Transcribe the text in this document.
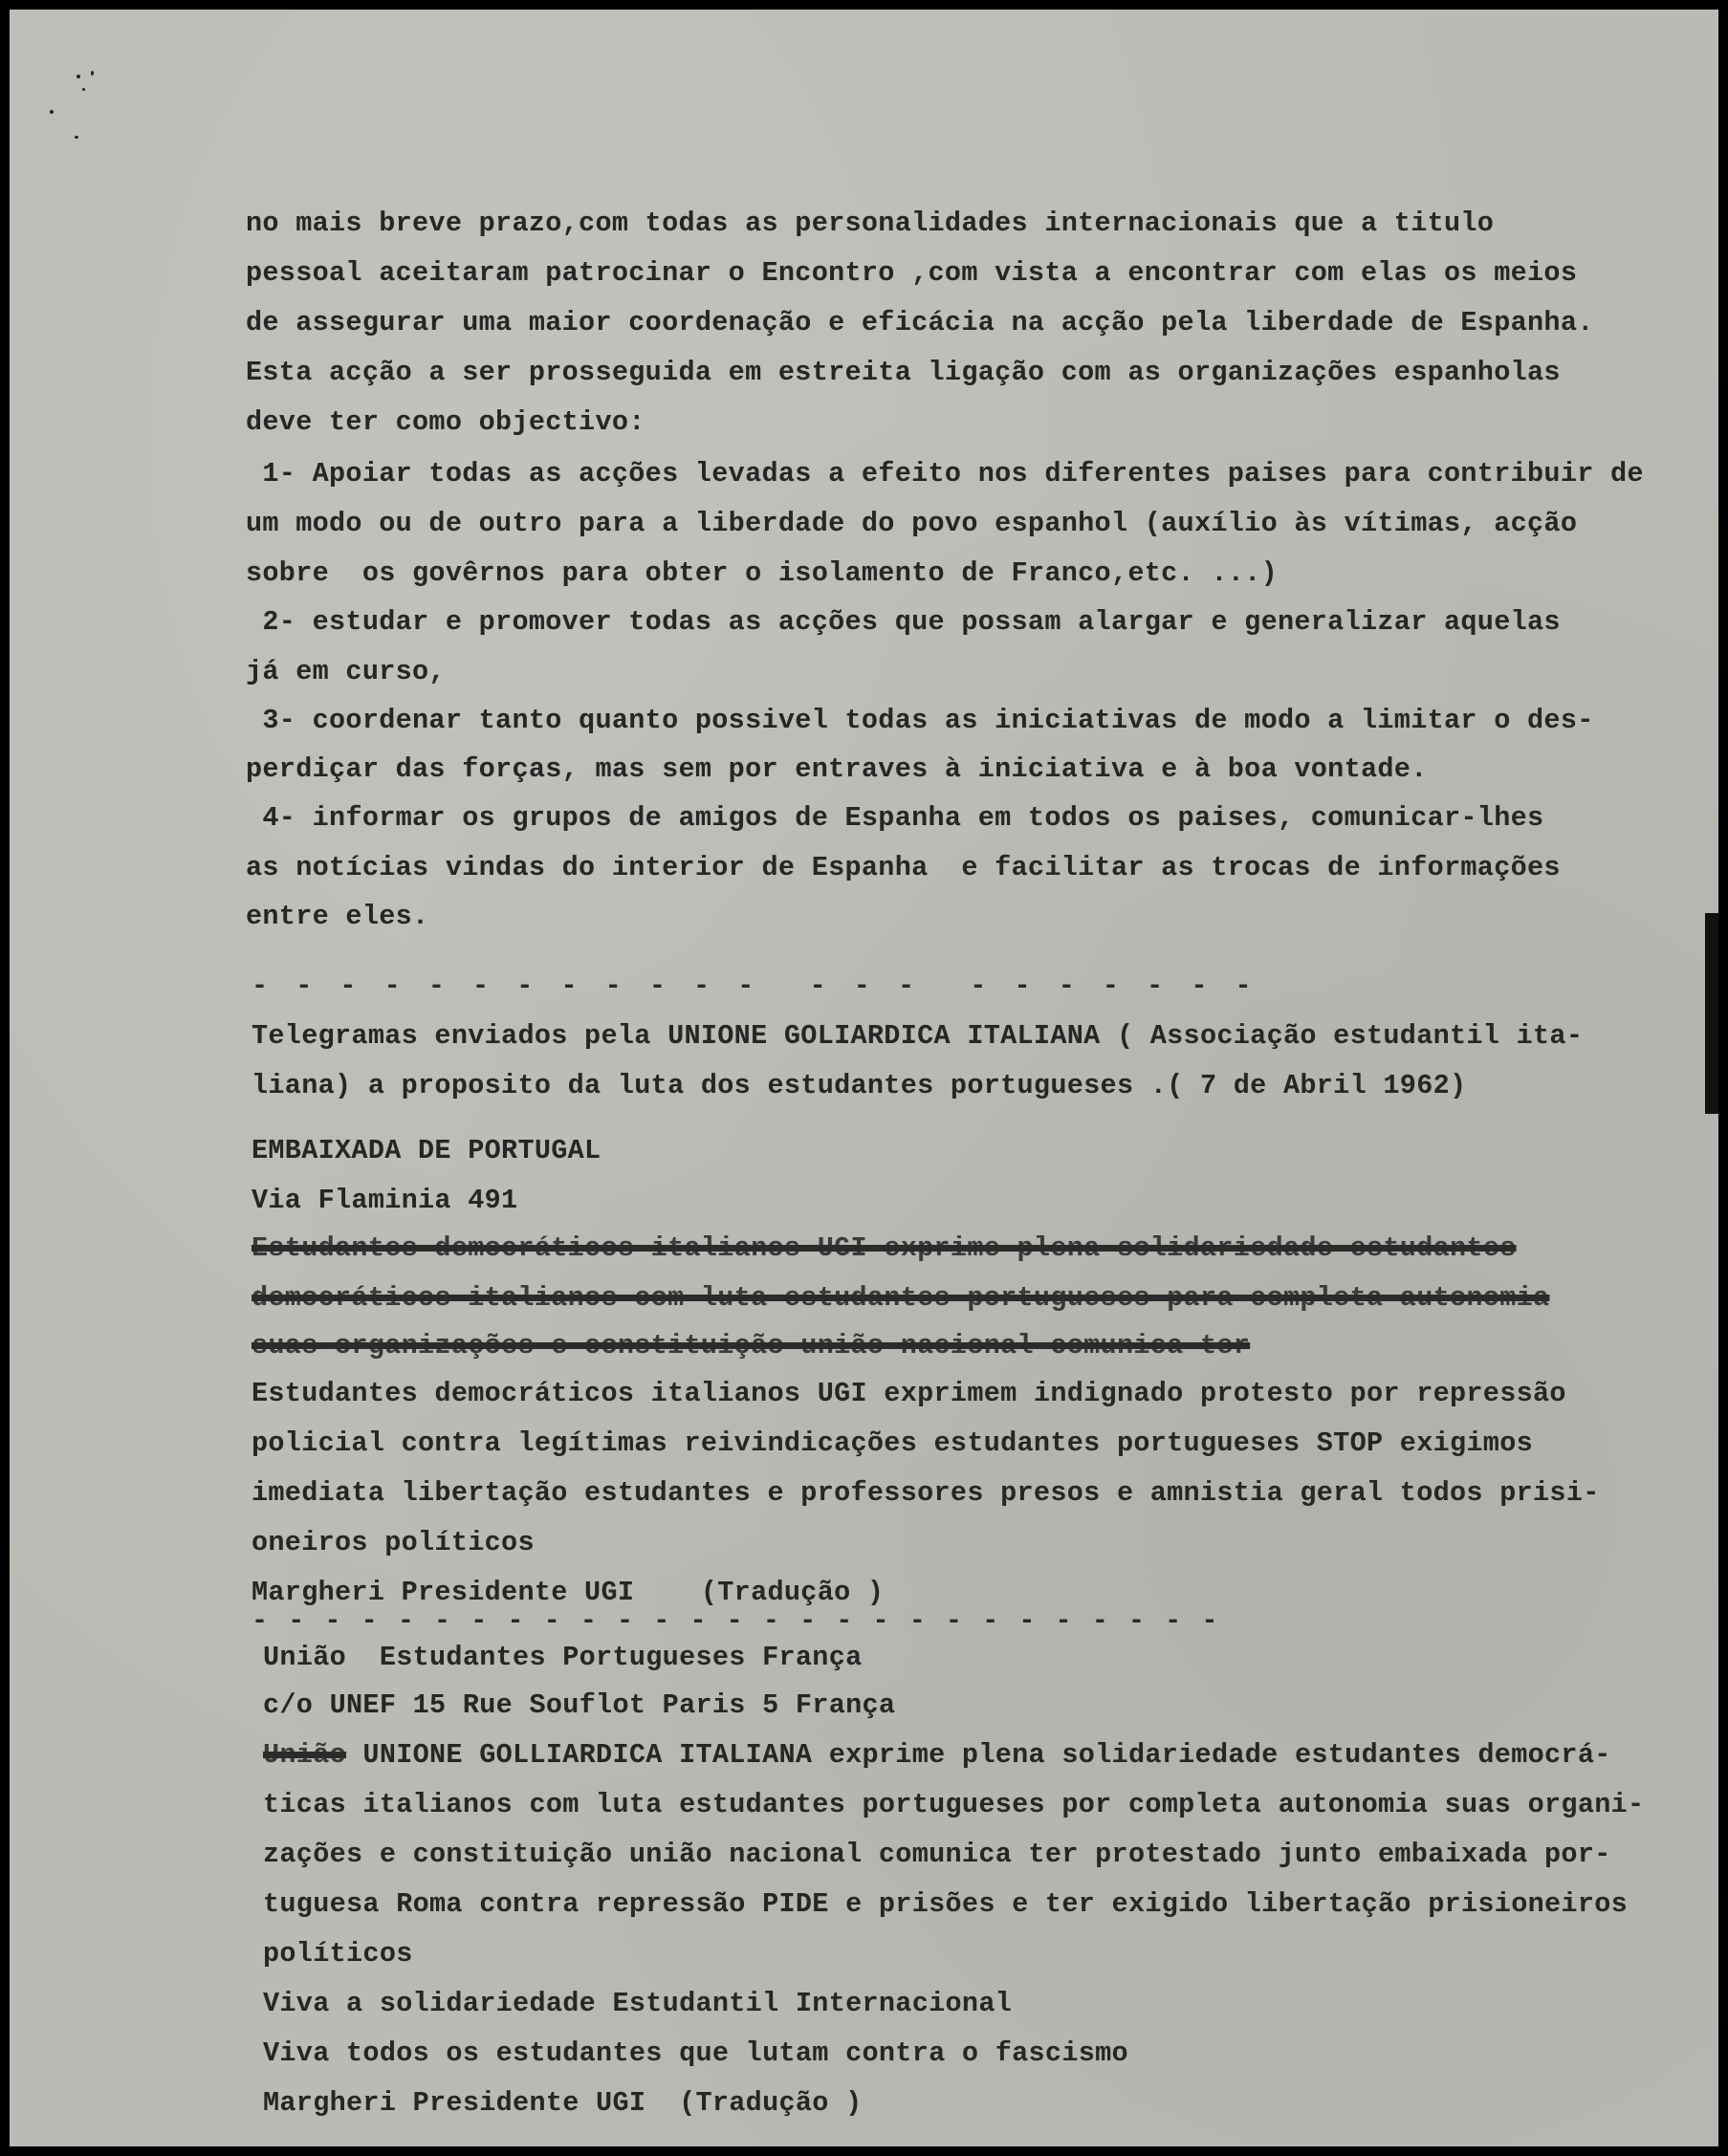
no mais breve prazo,com todas as personalidades internacionais que a titulo
pessoal aceitaram patrocinar o Encontro ,com vista a encontrar com elas os meios
de assegurar uma maior coordenação e eficácia na acção pela liberdade de Espanha.
Esta acção a ser prosseguida em estreita ligação com as organizações espanholas
deve ter como objectivo:
1- Apoiar todas as acções levadas a efeito nos diferentes paises para contribuir de
um modo ou de outro para a liberdade do povo espanhol (auxílio às vítimas, acção
sobre  os govêrnos para obter o isolamento de Franco,etc. ...)
2- estudar e promover todas as acções que possam alargar e generalizar aquelas
já em curso,
3- coordenar tanto quanto possivel todas as iniciativas de modo a limitar o des-
perdiçar das forças, mas sem por entraves à iniciativa e à boa vontade.
4- informar os grupos de amigos de Espanha em todos os paises, comunicar-lhes
as notícias vindas do interior de Espanha  e facilitar as trocas de informações
entre eles.
- - - - - - - - - - - -  - - -  - - - - - - -
Telegramas enviados pela UNIONE GOLIARDICA ITALIANA ( Associação estudantil ita-
liana) a proposito da luta dos estudantes portugueses .( 7 de Abril 1962)
EMBAIXADA DE PORTUGAL
Via Flaminia 491
Estudantes democráticos italianos UGI exprime plena solidariedade estudantes
democráticos italianos com luta estudantes portugueses para completa autonomia
suas organizações e constituição união nacional comunica ter
Estudantes democráticos italianos UGI exprimem indignado protesto por repressão
policial contra legítimas reivindicações estudantes portugueses STOP exigimos
imediata libertação estudantes e professores presos e amnistia geral todos prisi-
oneiros políticos
Margheri Presidente UGI    (Tradução )
- - - - - - - - - - - - - - - - - - - - - - - - - - -
União  Estudantes Portugueses França
c/o UNEF 15 Rue Souflot Paris 5 França
União UNIONE GOLLIARDICA ITALIANA exprime plena solidariedade estudantes democrá-
ticas italianos com luta estudantes portugueses por completa autonomia suas organi-
zações e constituição união nacional comunica ter protestado junto embaixada por-
tuguesa Roma contra repressão PIDE e prisões e ter exigido libertação prisioneiros
políticos
Viva a solidariedade Estudantil Internacional
Viva todos os estudantes que lutam contra o fascismo
Margheri Presidente UGI  (Tradução )
